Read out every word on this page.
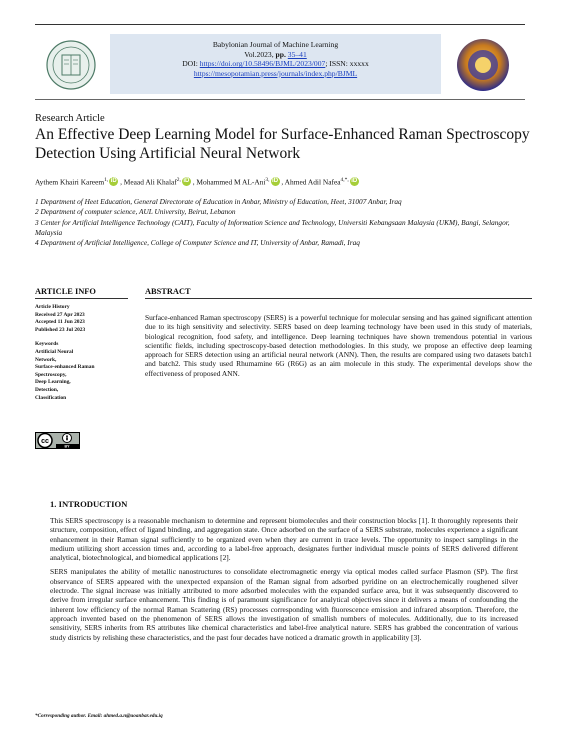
Babylonian Journal of Machine Learning
Vol.2023, pp. 35–41
DOI: https://doi.org/10.58496/BJML/2023/007; ISSN: xxxxx
https://mesopotamian.press/journals/index.php/BJML
Research Article
An Effective Deep Learning Model for Surface-Enhanced Raman Spectroscopy Detection Using Artificial Neural Network
Aythem Khairi Kareem$^{1,}$ iD , Meaad Ali Khalaf$^{2,}$ iD , Mohammed M AL-Ani$^{3,}$ iD , Ahmed Adil Nafea$^{4,*,}$ iD
1 Department of Heet Education, General Directorate of Education in Anbar, Ministry of Education, Heet, 31007 Anbar, Iraq
2 Department of computer science, AUL University, Beirut, Lebanon
3 Center for Artificial Intelligence Technology (CAIT), Faculty of Information Science and Technology, Universiti Kebangsaan Malaysia (UKM), Bangi, Selangor, Malaysia
4 Department of Artificial Intelligence, College of Computer Science and IT, University of Anbar, Ramadi, Iraq
ARTICLE INFO	ABSTRACT
Article History
Received 27 Apr 2023
Accepted 11 Jun 2023
Published 23 Jul 2023
Keywords
Artificial Neural
Network,
Surface-enhanced Raman
Spectroscopy,
Deep Learning,
Detection,
Classification
cc
BY
Surface-enhanced Raman spectroscopy (SERS) is a powerful technique for molecular sensing and has gained significant attention due to its high sensitivity and selectivity. SERS based on deep learning technology have been used in this study of materials, biological recognition, food safety, and intelligence. Deep learning techniques have shown tremendous potential in various scientific fields, including spectroscopy-based detection methodologies. In this study, we propose an effective deep learning approach for SERS detection using an artificial neural network (ANN). Then, the results are compared using two datasets batch1 and batch2. This study used Rhumamine 6G (R6G) as an aim molecule in this study. The experimental develops show the effectiveness of proposed ANN.
1. INTRODUCTION

This SERS spectroscopy is a reasonable mechanism to determine and represent biomolecules and their construction blocks [1]. It thoroughly represents their structure, composition, effect of ligand binding, and aggregation state. Once adsorbed on the surface of a SERS substrate, molecules experience a significant enhancement in their Raman signal sufficiently to be organized even when they are current in trace levels. The opportunity to inspect samplings in the medium utilizing short accession times and, according to a label-free approach, designates further individual muscle points of SERS delivered different analytical, biotechnological, and biomedical applications [2].

SERS manipulates the ability of metallic nanostructures to consolidate electromagnetic energy via optical modes called surface Plasmon (SP). The first observance of SERS appeared with the unexpected expansion of the Raman signal from adsorbed pyridine on an electrochemically roughened silver electrode. The signal increase was initially attributed to more adsorbed molecules with the expanded surface area, but it was subsequently discovered to derive from irregular surface enhancement. This finding is of paramount significance for analytical objectives since it delivers a means of confounding the inherent low efficiency of the normal Raman Scattering (RS) processes corresponding with fluorescence emission and infrared absorption. Therefore, the approach invented based on the phenomenon of SERS allows the investigation of smallish numbers of molecules. Additionally, due to its increased sensitivity, SERS inherits from RS attributes like chemical characteristics and label-free analytical nature. SERS has grabbed the concentration of various study districts by relishing these characteristics, and the past four decades have noticed a dramatic growth in applicability [3].

*Corresponding author. Email: ahmed.a.n@uoanbar.edu.iq
